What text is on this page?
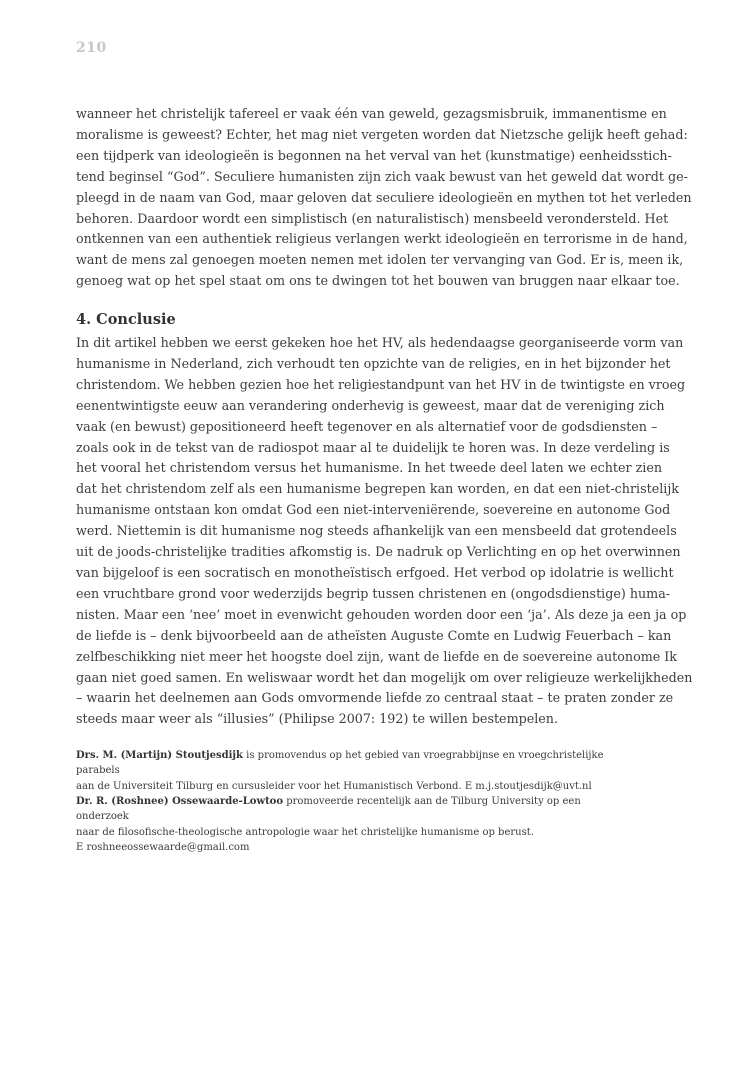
210
wanneer het christelijk tafereel er vaak één van geweld, gezagsmisbruik, immanentisme en
moralisme is geweest? Echter, het mag niet vergeten worden dat Nietzsche gelijk heeft gehad:
een tijdperk van ideologieën is begonnen na het verval van het (kunstmatige) eenheidsstich-
tend beginsel “God”. Seculiere humanisten zijn zich vaak bewust van het geweld dat wordt ge-
pleegd in de naam van God, maar geloven dat seculiere ideologieën en mythen tot het verleden
behoren. Daardoor wordt een simplistisch (en naturalistisch) mensbeeld verondersteld. Het
ontkennen van een authentiek religieus verlangen werkt ideologieën en terrorisme in de hand,
want de mens zal genoegen moeten nemen met idolen ter vervanging van God. Er is, meen ik,
genoeg wat op het spel staat om ons te dwingen tot het bouwen van bruggen naar elkaar toe.
4. Conclusie
In dit artikel hebben we eerst gekeken hoe het HV, als hedendaagse georganiseerde vorm van
humanisme in Nederland, zich verhoudt ten opzichte van de religies, en in het bijzonder het
christendom. We hebben gezien hoe het religiestandpunt van het HV in de twintigste en vroeg
eenentwintigste eeuw aan verandering onderhevig is geweest, maar dat de vereniging zich
vaak (en bewust) gepositioneerd heeft tegenover en als alternatief voor de godsdiensten –
zoals ook in de tekst van de radiospot maar al te duidelijk te horen was. In deze verdeling is
het vooral het christendom versus het humanisme. In het tweede deel laten we echter zien
dat het christendom zelf als een humanisme begrepen kan worden, en dat een niet-christelijk
humanisme ontstaan kon omdat God een niet-interveniërende, soevereine en autonome God
werd. Niettemin is dit humanisme nog steeds afhankelijk van een mensbeeld dat grotendeels
uit de joods-christelijke tradities afkomstig is. De nadruk op Verlichting en op het overwinnen
van bijgeloof is een socratisch en monotheïstisch erfgoed. Het verbod op idolatrie is wellicht
een vruchtbare grond voor wederzijds begrip tussen christenen en (ongodsdienstige) huma-
nisten. Maar een ‘nee’ moet in evenwicht gehouden worden door een ‘ja’. Als deze ja een ja op
de liefde is – denk bijvoorbeeld aan de atheïsten Auguste Comte en Ludwig Feuerbach – kan
zelfbeschikking niet meer het hoogste doel zijn, want de liefde en de soevereine autonome Ik
gaan niet goed samen. En weliswaar wordt het dan mogelijk om over religieuze werkelijkheden
– waarin het deelnemen aan Gods omvormende liefde zo centraal staat – te praten zonder ze
steeds maar weer als “illusies” (Philipse 2007: 192) te willen bestempelen.
Drs. M. (Martijn) Stoutjesdijk is promovendus op het gebied van vroegrabbijnse en vroegchristelijke parabels
aan de Universiteit Tilburg en cursusleider voor het Humanistisch Verbond. E m.j.stoutjesdijk@uvt.nl
Dr. R. (Roshnee) Ossewaarde-Lowtoo promoveerde recentelijk aan de Tilburg University op een onderzoek
naar de filosofische-theologische antropologie waar het christelijke humanisme op berust.
E roshneeossewaarde@gmail.com
